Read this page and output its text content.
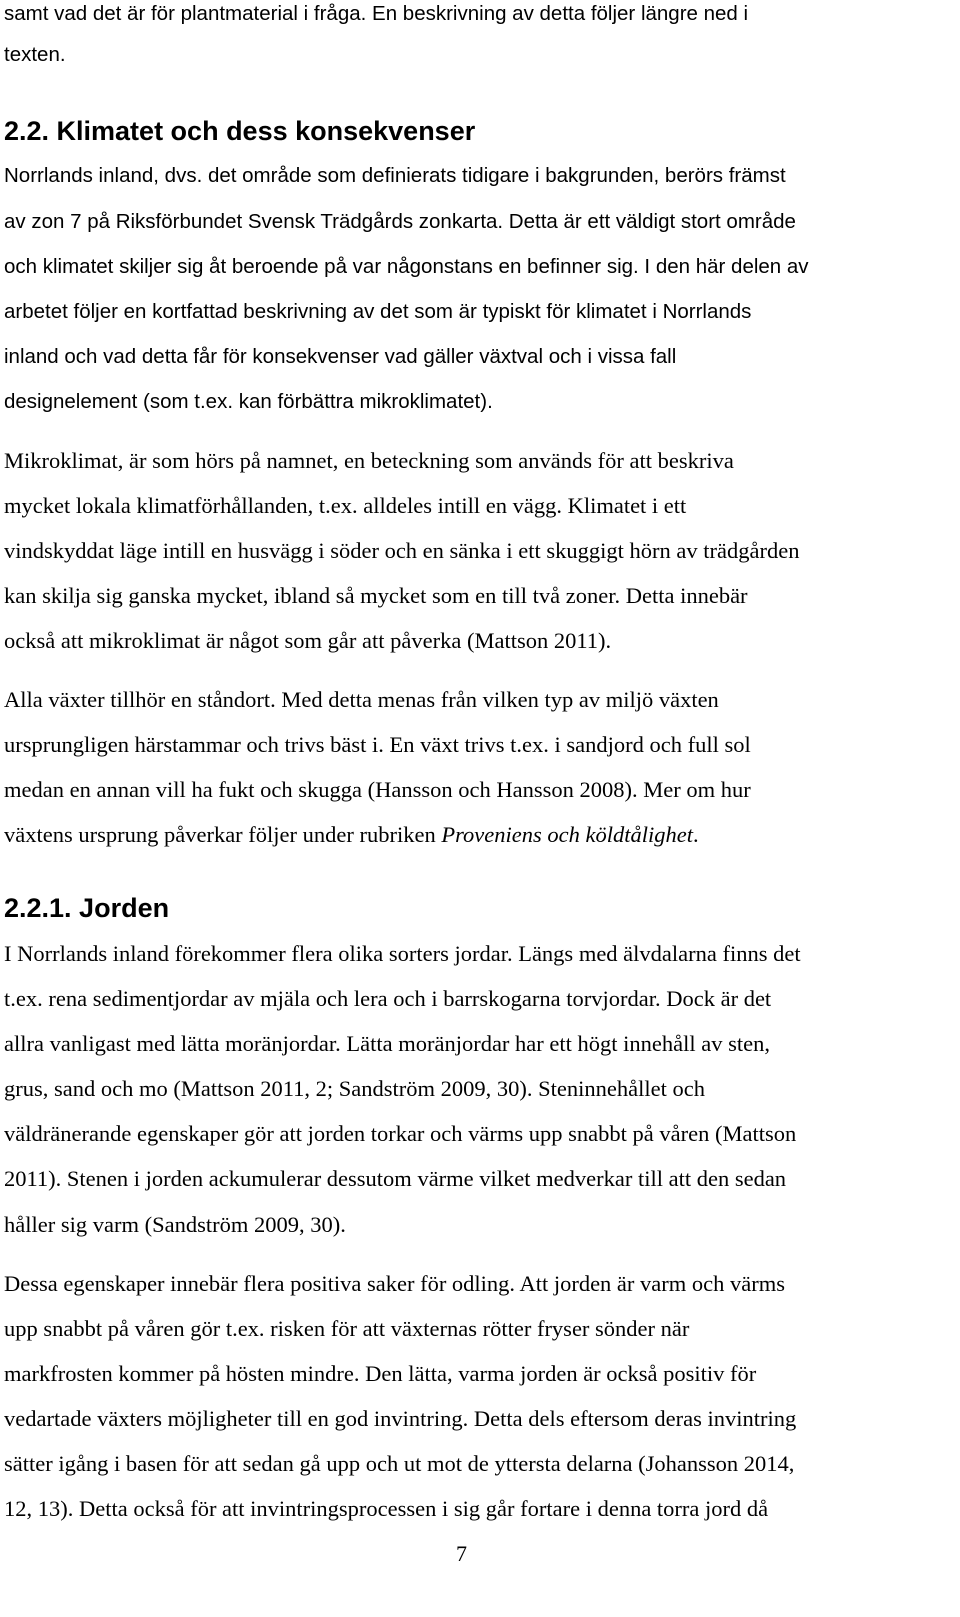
samt vad det är för plantmaterial i fråga. En beskrivning av detta följer längre ned i
texten.
2.2. Klimatet och dess konsekvenser
Norrlands inland, dvs. det område som definierats tidigare i bakgrunden, berörs främst
av zon 7 på Riksförbundet Svensk Trädgårds zonkarta. Detta är ett väldigt stort område
och klimatet skiljer sig åt beroende på var någonstans en befinner sig. I den här delen av
arbetet följer en kortfattad beskrivning av det som är typiskt för klimatet i Norrlands
inland och vad detta får för konsekvenser vad gäller växtval och i vissa fall
designelement (som t.ex. kan förbättra mikroklimatet).
Mikroklimat, är som hörs på namnet, en beteckning som används för att beskriva
mycket lokala klimatförhållanden, t.ex. alldeles intill en vägg. Klimatet i ett
vindskyddat läge intill en husvägg i söder och en sänka i ett skuggigt hörn av trädgården
kan skilja sig ganska mycket, ibland så mycket som en till två zoner. Detta innebär
också att mikroklimat är något som går att påverka (Mattson 2011).
Alla växter tillhör en ståndort. Med detta menas från vilken typ av miljö växten
ursprungligen härstammar och trivs bäst i. En växt trivs t.ex. i sandjord och full sol
medan en annan vill ha fukt och skugga (Hansson och Hansson 2008). Mer om hur
växtens ursprung påverkar följer under rubriken Proveniens och köldtålighet.
2.2.1. Jorden
I Norrlands inland förekommer flera olika sorters jordar. Längs med älvdalarna finns det
t.ex. rena sedimentjordar av mjäla och lera och i barrskogarna torvjordar. Dock är det
allra vanligast med lätta moränjordar. Lätta moränjordar har ett högt innehåll av sten,
grus, sand och mo (Mattson 2011, 2; Sandström 2009, 30). Steninnehållet och
väldränerande egenskaper gör att jorden torkar och värms upp snabbt på våren (Mattson
2011). Stenen i jorden ackumulerar dessutom värme vilket medverkar till att den sedan
håller sig varm (Sandström 2009, 30).
Dessa egenskaper innebär flera positiva saker för odling. Att jorden är varm och värms
upp snabbt på våren gör t.ex. risken för att växternas rötter fryser sönder när
markfrosten kommer på hösten mindre. Den lätta, varma jorden är också positiv för
vedartade växters möjligheter till en god invintring. Detta dels eftersom deras invintring
sätter igång i basen för att sedan gå upp och ut mot de yttersta delarna (Johansson 2014,
12, 13). Detta också för att invintringsprocessen i sig går fortare i denna torra jord då
7
